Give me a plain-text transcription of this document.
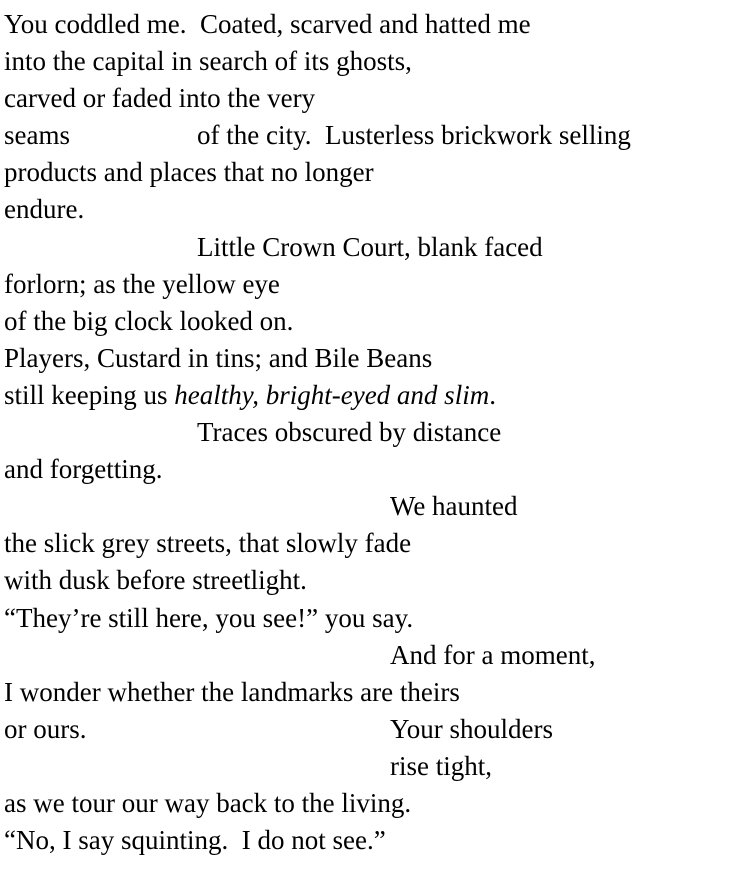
You coddled me.  Coated, scarved and hatted me
into the capital in search of its ghosts,
carved or faded into the very
seams	of the city.  Lusterless brickwork selling
products and places that no longer
endure.
Little Crown Court, blank faced
forlorn; as the yellow eye
of the big clock looked on.
Players, Custard in tins; and Bile Beans
still keeping us healthy, bright-eyed and slim.
Traces obscured by distance
and forgetting.
We haunted
the slick grey streets, that slowly fade
with dusk before streetlight.
“They’re still here, you see!” you say.
And for a moment,
I wonder whether the landmarks are theirs
or ours.	Your shoulders
rise tight,
as we tour our way back to the living.
“No, I say squinting.  I do not see.”
